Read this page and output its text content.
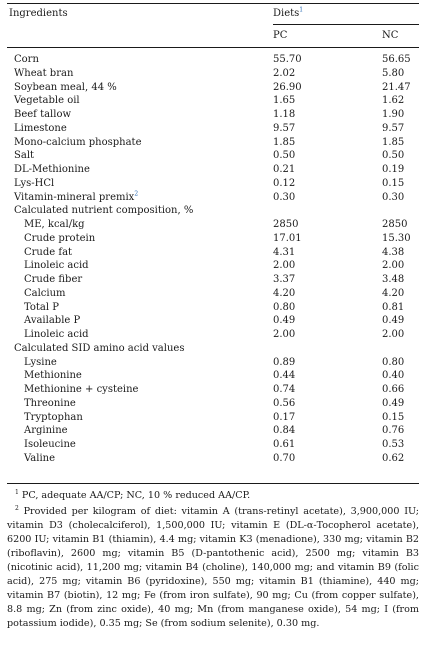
Ingredients	Diets$^1$
PC	NC
Corn	55.70	56.65
Wheat bran	2.02	5.80
Soybean meal, 44 %	26.90	21.47
Vegetable oil	1.65	1.62
Beef tallow	1.18	1.90
Limestone	9.57	9.57
Mono-calcium phosphate	1.85	1.85
Salt	0.50	0.50
DL-Methionine	0.21	0.19
Lys-HCl	0.12	0.15
Vitamin-mineral premix$^2$	0.30	0.30
Calculated nutrient composition, %
ME, kcal/kg	2850	2850
Crude protein	17.01	15.30
Crude fat	4.31	4.38
Linoleic acid	2.00	2.00
Crude fiber	3.37	3.48
Calcium	4.20	4.20
Total P	0.80	0.81
Available P	0.49	0.49
Linoleic acid	2.00	2.00
Calculated SID amino acid values
Lysine	0.89	0.80
Methionine	0.44	0.40
Methionine + cysteine	0.74	0.66
Threonine	0.56	0.49
Tryptophan	0.17	0.15
Arginine	0.84	0.76
Isoleucine	0.61	0.53
Valine	0.70	0.62
$^1$ PC, adequate AA/CP; NC, 10 % reduced AA/CP.
$^2$ Provided per kilogram of diet: vitamin A (trans-retinyl acetate), 3,900,000 IU; vitamin D3 (cholecalciferol), 1,500,000 IU; vitamin E (DL-α-Tocopherol acetate), 6200 IU; vitamin B1 (thiamin), 4.4 mg; vitamin K3 (menadione), 330 mg; vitamin B2 (riboflavin), 2600 mg; vitamin B5 (D-pantothenic acid), 2500 mg; vitamin B3 (nicotinic acid), 11,200 mg; vitamin B4 (choline), 140,000 mg; and vitamin B9 (folic acid), 275 mg; vitamin B6 (pyridoxine), 550 mg; vitamin B1 (thiamine), 440 mg; vitamin B7 (biotin), 12 mg; Fe (from iron sulfate), 90 mg; Cu (from copper sulfate), 8.8 mg; Zn (from zinc oxide), 40 mg; Mn (from manganese oxide), 54 mg; I (from potassium iodide), 0.35 mg; Se (from sodium selenite), 0.30 mg.
